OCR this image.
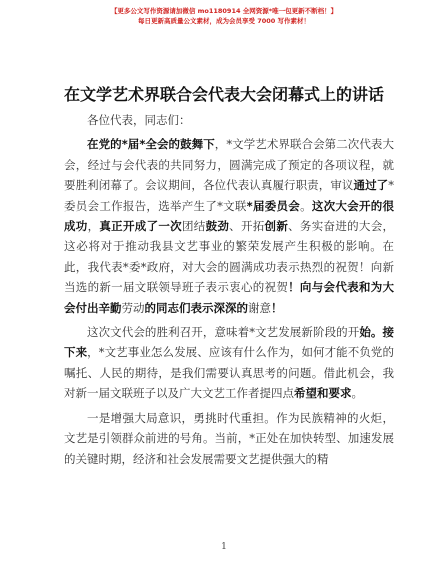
【更多公文写作资源请加微信 mo1180914 全网资源*唯一包更新不断档！】
每日更新高质量公文素材，成为会员享受 7000 写作素材！
在文学艺术界联合会代表大会闭幕式上的讲话

各位代表，同志们：

在党的*届*全会的鼓舞下，*文学艺术界联合会第二次代表大会，经过与会代表的共同努力，圆满完成了预定的各项议程，就要胜利闭幕了。会议期间，各位代表认真履行职责，审议通过了*委员会工作报告，选举产生了*文联*届委员会。这次大会开的很成功，真正开成了一次团结鼓劲、开拓创新、务实奋进的大会，这必将对于推动我县文艺事业的繁荣发展产生积极的影响。在此，我代表*委*政府，对大会的圆满成功表示热烈的祝贺！向新当选的新一届文联领导班子表示衷心的祝贺！向与会代表和为大会付出辛勤劳动的同志们表示深深的谢意！

这次文代会的胜利召开，意味着*文艺发展新阶段的开始。接下来，*文艺事业怎么发展、应该有什么作为，如何才能不负党的嘱托、人民的期待，是我们需要认真思考的问题。借此机会，我对新一届文联班子以及广大文艺工作者提四点希望和要求。

一是增强大局意识，勇挑时代重担。作为民族精神的火炬，文艺是引领群众前进的号角。当前，*正处在加快转型、加速发展的关键时期，经济和社会发展需要文艺提供强大的精

1
